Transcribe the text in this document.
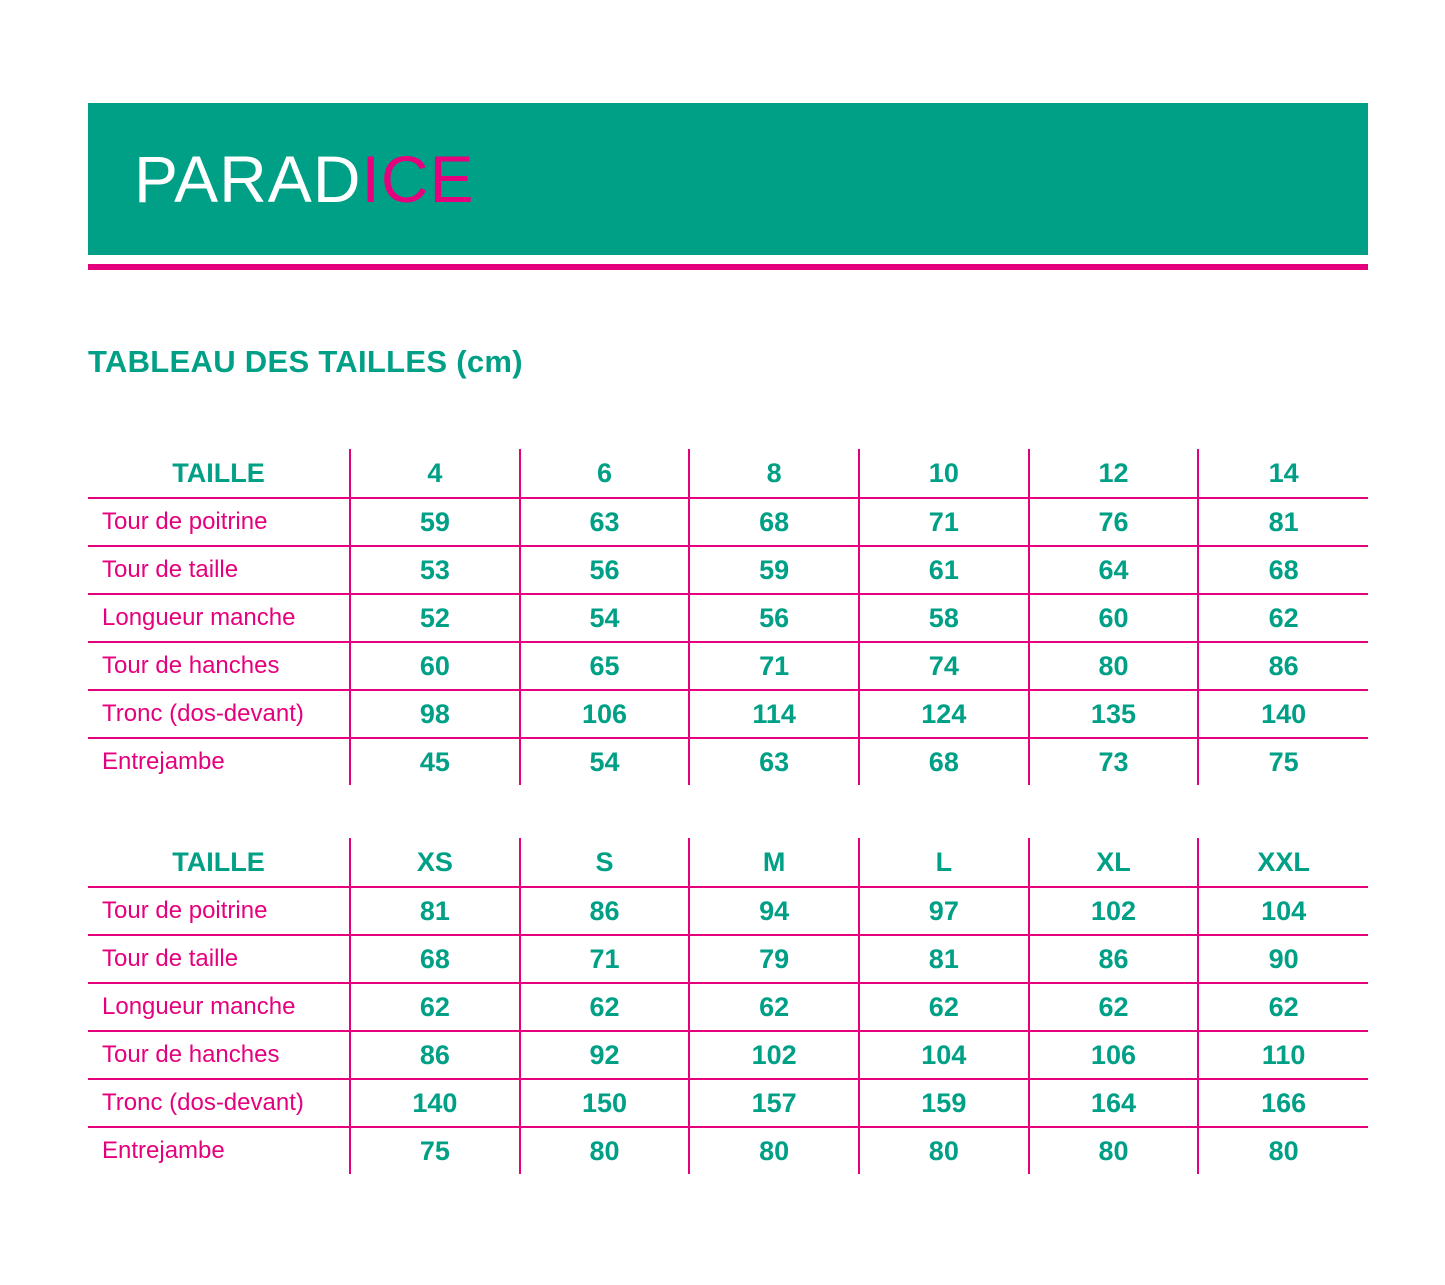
PARADICE
TABLEAU DES TAILLES (cm)
TAILLE	4	6	8	10	12	14
Tour de poitrine	59	63	68	71	76	81
Tour de taille	53	56	59	61	64	68
Longueur manche	52	54	56	58	60	62
Tour de hanches	60	65	71	74	80	86
Tronc (dos-devant)	98	106	114	124	135	140
Entrejambe	45	54	63	68	73	75
TAILLE	XS	S	M	L	XL	XXL
Tour de poitrine	81	86	94	97	102	104
Tour de taille	68	71	79	81	86	90
Longueur manche	62	62	62	62	62	62
Tour de hanches	86	92	102	104	106	110
Tronc (dos-devant)	140	150	157	159	164	166
Entrejambe	75	80	80	80	80	80
